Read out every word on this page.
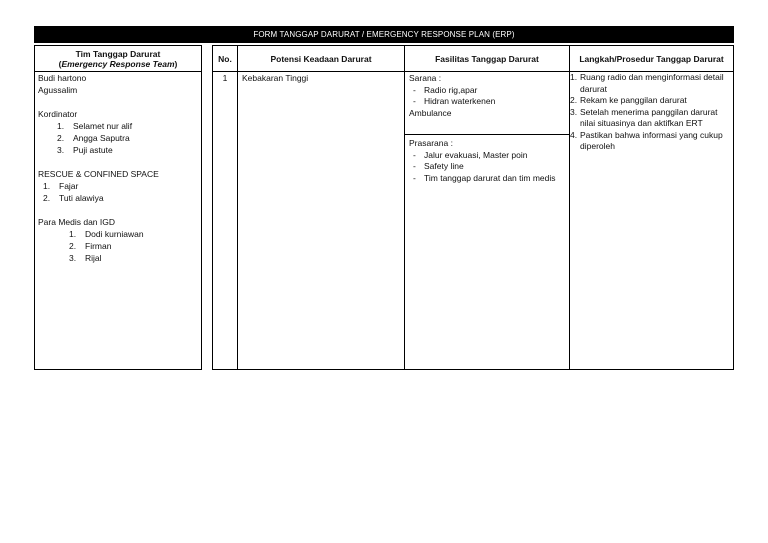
FORM TANGGAP DARURAT / EMERGENCY RESPONSE PLAN (ERP)
Tim Tanggap Darurat
(Emergency Response Team)
Budi hartono
Agussalim
Kordinator
1. Selamet nur alif
2. Angga Saputra
3. Puji astute
RESCUE & CONFINED SPACE
1. Fajar
2. Tuti alawiya
Para Medis dan IGD
1. Dodi kurniawan
2. Firman
3. Rijal
No.
1
Potensi Keadaan Darurat
Kebakaran Tinggi
Fasilitas Tanggap Darurat
Sarana :
- Radio rig,apar
- Hidran waterkenen
Ambulance
Prasarana :
- Jalur evakuasi, Master poin
- Safety line
- Tim tanggap darurat dan tim medis
Langkah/Prosedur Tanggap Darurat
1. Ruang radio dan menginformasi detail darurat
2. Rekam ke panggilan darurat
3. Setelah menerima panggilan darurat nilai situasinya dan aktifkan ERT
4. Pastikan bahwa informasi yang cukup diperoleh
